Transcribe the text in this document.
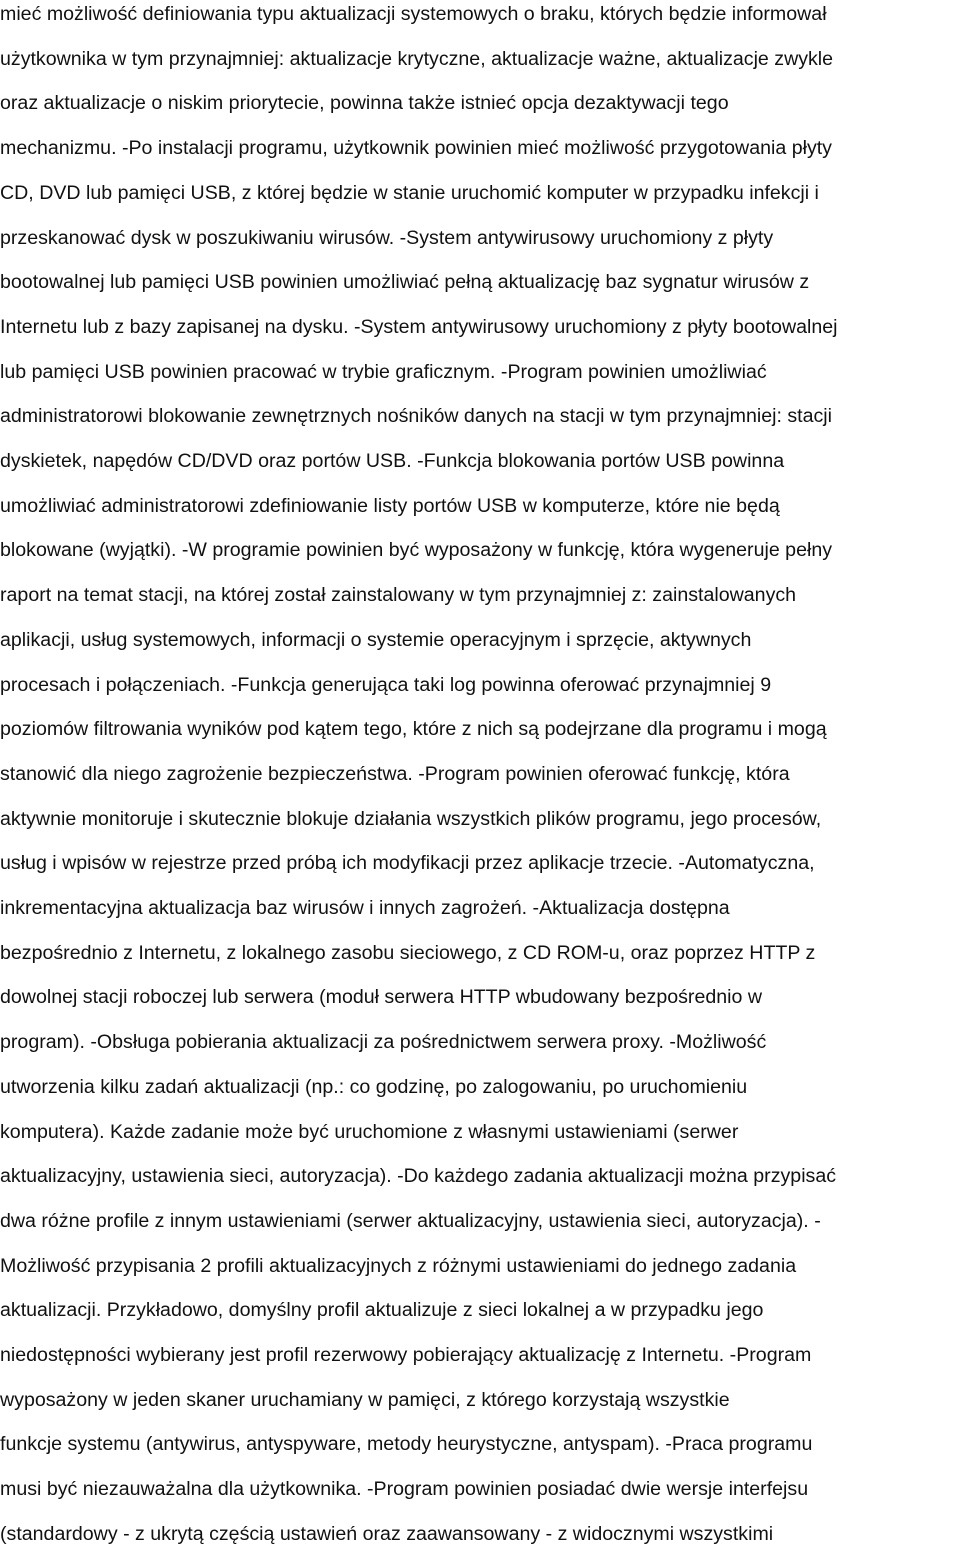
mieć możliwość definiowania typu aktualizacji systemowych o braku, których będzie informował
użytkownika w tym przynajmniej: aktualizacje krytyczne, aktualizacje ważne, aktualizacje zwykle
oraz aktualizacje o niskim priorytecie, powinna także istnieć opcja dezaktywacji tego
mechanizmu. -Po instalacji programu, użytkownik powinien mieć możliwość przygotowania płyty
CD, DVD lub pamięci USB, z której będzie w stanie uruchomić komputer w przypadku infekcji i
przeskanować dysk w poszukiwaniu wirusów. -System antywirusowy uruchomiony z płyty
bootowalnej lub pamięci USB powinien umożliwiać pełną aktualizację baz sygnatur wirusów z
Internetu lub z bazy zapisanej na dysku. -System antywirusowy uruchomiony z płyty bootowalnej
lub pamięci USB powinien pracować w trybie graficznym. -Program powinien umożliwiać
administratorowi blokowanie zewnętrznych nośników danych na stacji w tym przynajmniej: stacji
dyskietek, napędów CD/DVD oraz portów USB. -Funkcja blokowania portów USB powinna
umożliwiać administratorowi zdefiniowanie listy portów USB w komputerze, które nie będą
blokowane (wyjątki). -W programie powinien być wyposażony w funkcję, która wygeneruje pełny
raport na temat stacji, na której został zainstalowany w tym przynajmniej z: zainstalowanych
aplikacji, usług systemowych, informacji o systemie operacyjnym i sprzęcie, aktywnych
procesach i połączeniach. -Funkcja generująca taki log powinna oferować przynajmniej 9
poziomów filtrowania wyników pod kątem tego, które z nich są podejrzane dla programu i mogą
stanowić dla niego zagrożenie bezpieczeństwa. -Program powinien oferować funkcję, która
aktywnie monitoruje i skutecznie blokuje działania wszystkich plików programu, jego procesów,
usług i wpisów w rejestrze przed próbą ich modyfikacji przez aplikacje trzecie. -Automatyczna,
inkrementacyjna aktualizacja baz wirusów i innych zagrożeń. -Aktualizacja dostępna
bezpośrednio z Internetu, z lokalnego zasobu sieciowego, z CD ROM-u, oraz poprzez HTTP z
dowolnej stacji roboczej lub serwera (moduł serwera HTTP wbudowany bezpośrednio w
program). -Obsługa pobierania aktualizacji za pośrednictwem serwera proxy. -Możliwość
utworzenia kilku zadań aktualizacji (np.: co godzinę, po zalogowaniu, po uruchomieniu
komputera). Każde zadanie może być uruchomione z własnymi ustawieniami (serwer
aktualizacyjny, ustawienia sieci, autoryzacja). -Do każdego zadania aktualizacji można przypisać
dwa różne profile z innym ustawieniami (serwer aktualizacyjny, ustawienia sieci, autoryzacja). -
Możliwość przypisania 2 profili aktualizacyjnych z różnymi ustawieniami do jednego zadania
aktualizacji. Przykładowo, domyślny profil aktualizuje z sieci lokalnej a w przypadku jego
niedostępności wybierany jest profil rezerwowy pobierający aktualizację z Internetu. -Program
wyposażony w jeden skaner uruchamiany w pamięci, z którego korzystają wszystkie
funkcje systemu (antywirus, antyspyware, metody heurystyczne, antyspam). -Praca programu
musi być niezauważalna dla użytkownika. -Program powinien posiadać dwie wersje interfejsu
(standardowy - z ukrytą częścią ustawień oraz zaawansowany - z widocznymi wszystkimi
